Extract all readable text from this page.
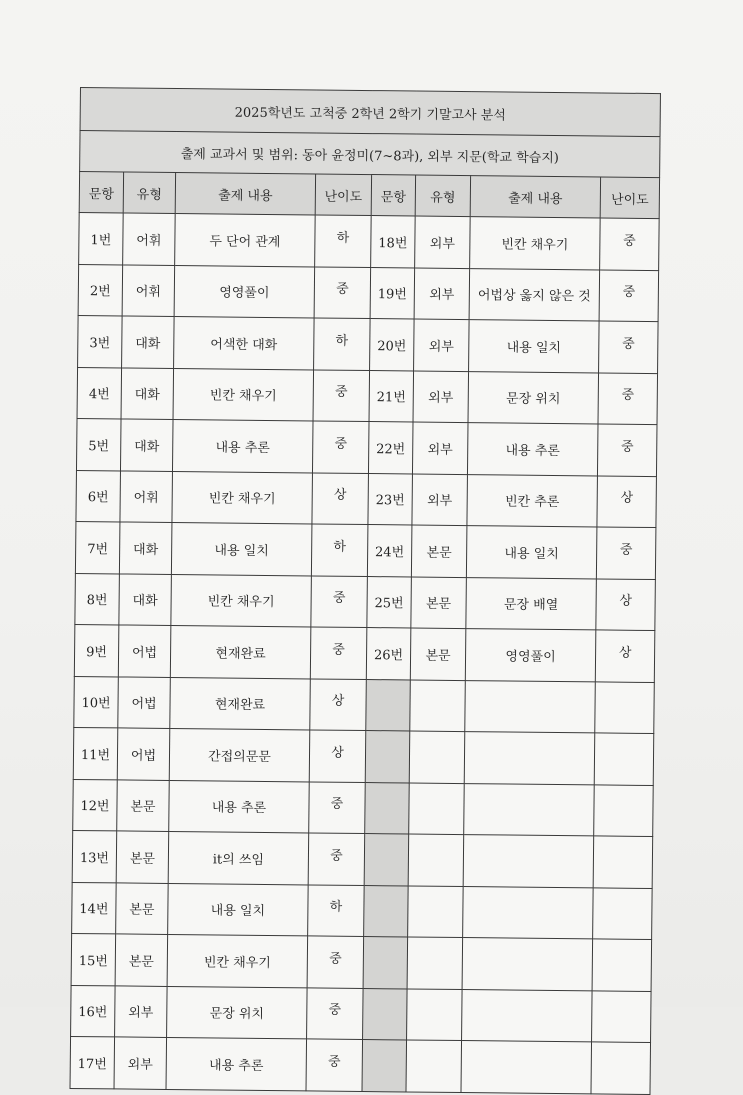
2025학년도 고척중 2학년 2학기 기말고사 분석							
출제 교과서 및 범위: 동아 윤정미(7~8과), 외부 지문(학교 학습지)							
문항	유형	출제 내용	난이도	문항	유형	출제 내용	난이도
1번	어휘	두 단어 관계	하	18번	외부	빈칸 채우기	중
2번	어휘	영영풀이	중	19번	외부	어법상 옳지 않은 것	중
3번	대화	어색한 대화	하	20번	외부	내용 일치	중
4번	대화	빈칸 채우기	중	21번	외부	문장 위치	중
5번	대화	내용 추론	중	22번	외부	내용 추론	중
6번	어휘	빈칸 채우기	상	23번	외부	빈칸 추론	상
7번	대화	내용 일치	하	24번	본문	내용 일치	중
8번	대화	빈칸 채우기	중	25번	본문	문장 배열	상
9번	어법	현재완료	중	26번	본문	영영풀이	상
10번	어법	현재완료	상				
11번	어법	간접의문문	상				
12번	본문	내용 추론	중				
13번	본문	it의 쓰임	중				
14번	본문	내용 일치	하				
15번	본문	빈칸 채우기	중				
16번	외부	문장 위치	중				
17번	외부	내용 추론	중				
